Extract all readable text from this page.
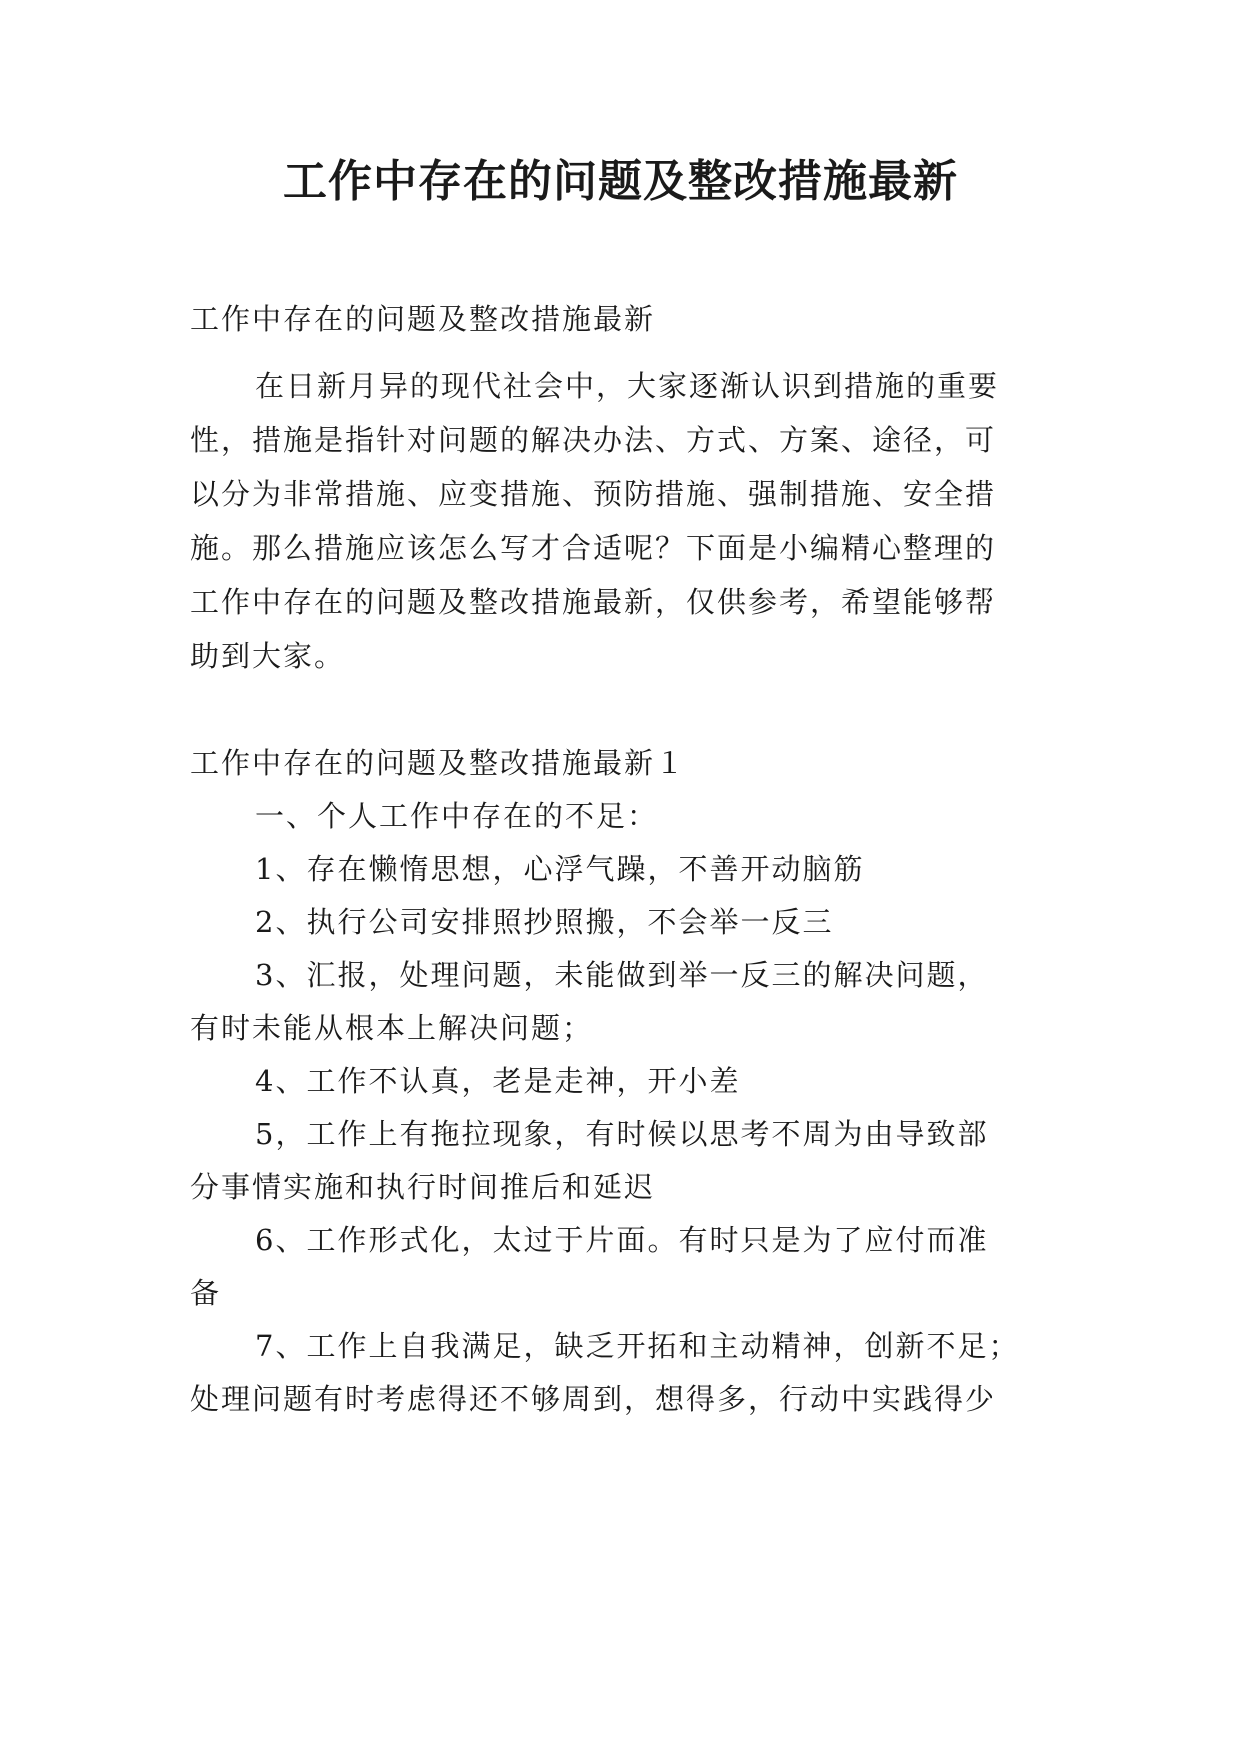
工作中存在的问题及整改措施最新
工作中存在的问题及整改措施最新
在日新月异的现代社会中，大家逐渐认识到措施的重要
性，措施是指针对问题的解决办法、方式、方案、途径，可
以分为非常措施、应变措施、预防措施、强制措施、安全措
施。那么措施应该怎么写才合适呢？下面是小编精心整理的
工作中存在的问题及整改措施最新，仅供参考，希望能够帮
助到大家。
工作中存在的问题及整改措施最新１
一、个人工作中存在的不足：
1、存在懒惰思想，心浮气躁，不善开动脑筋
2、执行公司安排照抄照搬，不会举一反三
3、汇报，处理问题，未能做到举一反三的解决问题，
有时未能从根本上解决问题；
4、工作不认真，老是走神，开小差
5，工作上有拖拉现象，有时候以思考不周为由导致部
分事情实施和执行时间推后和延迟
6、工作形式化，太过于片面。有时只是为了应付而准
备
7、工作上自我满足，缺乏开拓和主动精神，创新不足；
处理问题有时考虑得还不够周到，想得多，行动中实践得少
